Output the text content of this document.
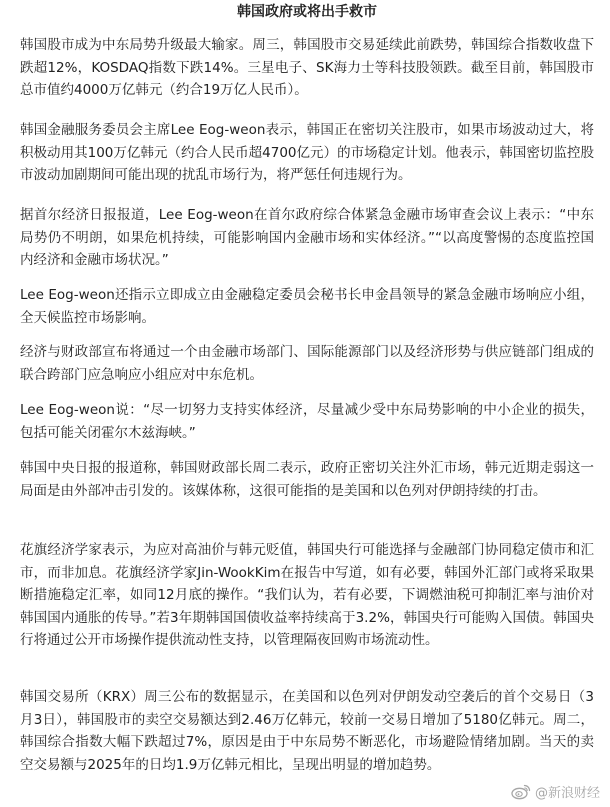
韩国政府或将出手救市

韩国股市成为中东局势升级最大输家。周三，韩国股市交易延续此前跌势，韩国综合指数收盘下跌超12%，KOSDAQ指数下跌14%。三星电子、SK海力士等科技股领跌。截至目前，韩国股市总市值约4000万亿韩元（约合19万亿人民币）。

韩国金融服务委员会主席Lee Eog-weon表示，韩国正在密切关注股市，如果市场波动过大，将积极动用其100万亿韩元（约合人民币超4700亿元）的市场稳定计划。他表示，韩国密切监控股市波动加剧期间可能出现的扰乱市场行为，将严惩任何违规行为。

据首尔经济日报报道，Lee Eog-weon在首尔政府综合体紧急金融市场审查会议上表示：“中东局势仍不明朗，如果危机持续，可能影响国内金融市场和实体经济。”“以高度警惕的态度监控国内经济和金融市场状况。”

Lee Eog-weon还指示立即成立由金融稳定委员会秘书长申金昌领导的紧急金融市场响应小组，全天候监控市场影响。

经济与财政部宣布将通过一个由金融市场部门、国际能源部门以及经济形势与供应链部门组成的联合跨部门应急响应小组应对中东危机。

Lee Eog-weon说：“尽一切努力支持实体经济，尽量减少受中东局势影响的中小企业的损失，包括可能关闭霍尔木兹海峡。”

韩国中央日报的报道称，韩国财政部长周二表示，政府正密切关注外汇市场，韩元近期走弱这一局面是由外部冲击引发的。该媒体称，这很可能指的是美国和以色列对伊朗持续的打击。

花旗经济学家表示，为应对高油价与韩元贬值，韩国央行可能选择与金融部门协同稳定债市和汇市，而非加息。花旗经济学家Jin-WookKim在报告中写道，如有必要，韩国外汇部门或将采取果断措施稳定汇率，如同12月底的操作。“我们认为，若有必要，下调燃油税可抑制汇率与油价对韩国国内通胀的传导。”若3年期韩国国债收益率持续高于3.2%，韩国央行可能购入国债。韩国央行将通过公开市场操作提供流动性支持，以管理隔夜回购市场流动性。

韩国交易所（KRX）周三公布的数据显示，在美国和以色列对伊朗发动空袭后的首个交易日（3月3日），韩国股市的卖空交易额达到2.46万亿韩元，较前一交易日增加了5180亿韩元。周二，韩国综合指数大幅下跌超过7%，原因是由于中东局势不断恶化，市场避险情绪加剧。当天的卖空交易额与2025年的日均1.9万亿韩元相比，呈现出明显的增加趋势。

@新浪财经
